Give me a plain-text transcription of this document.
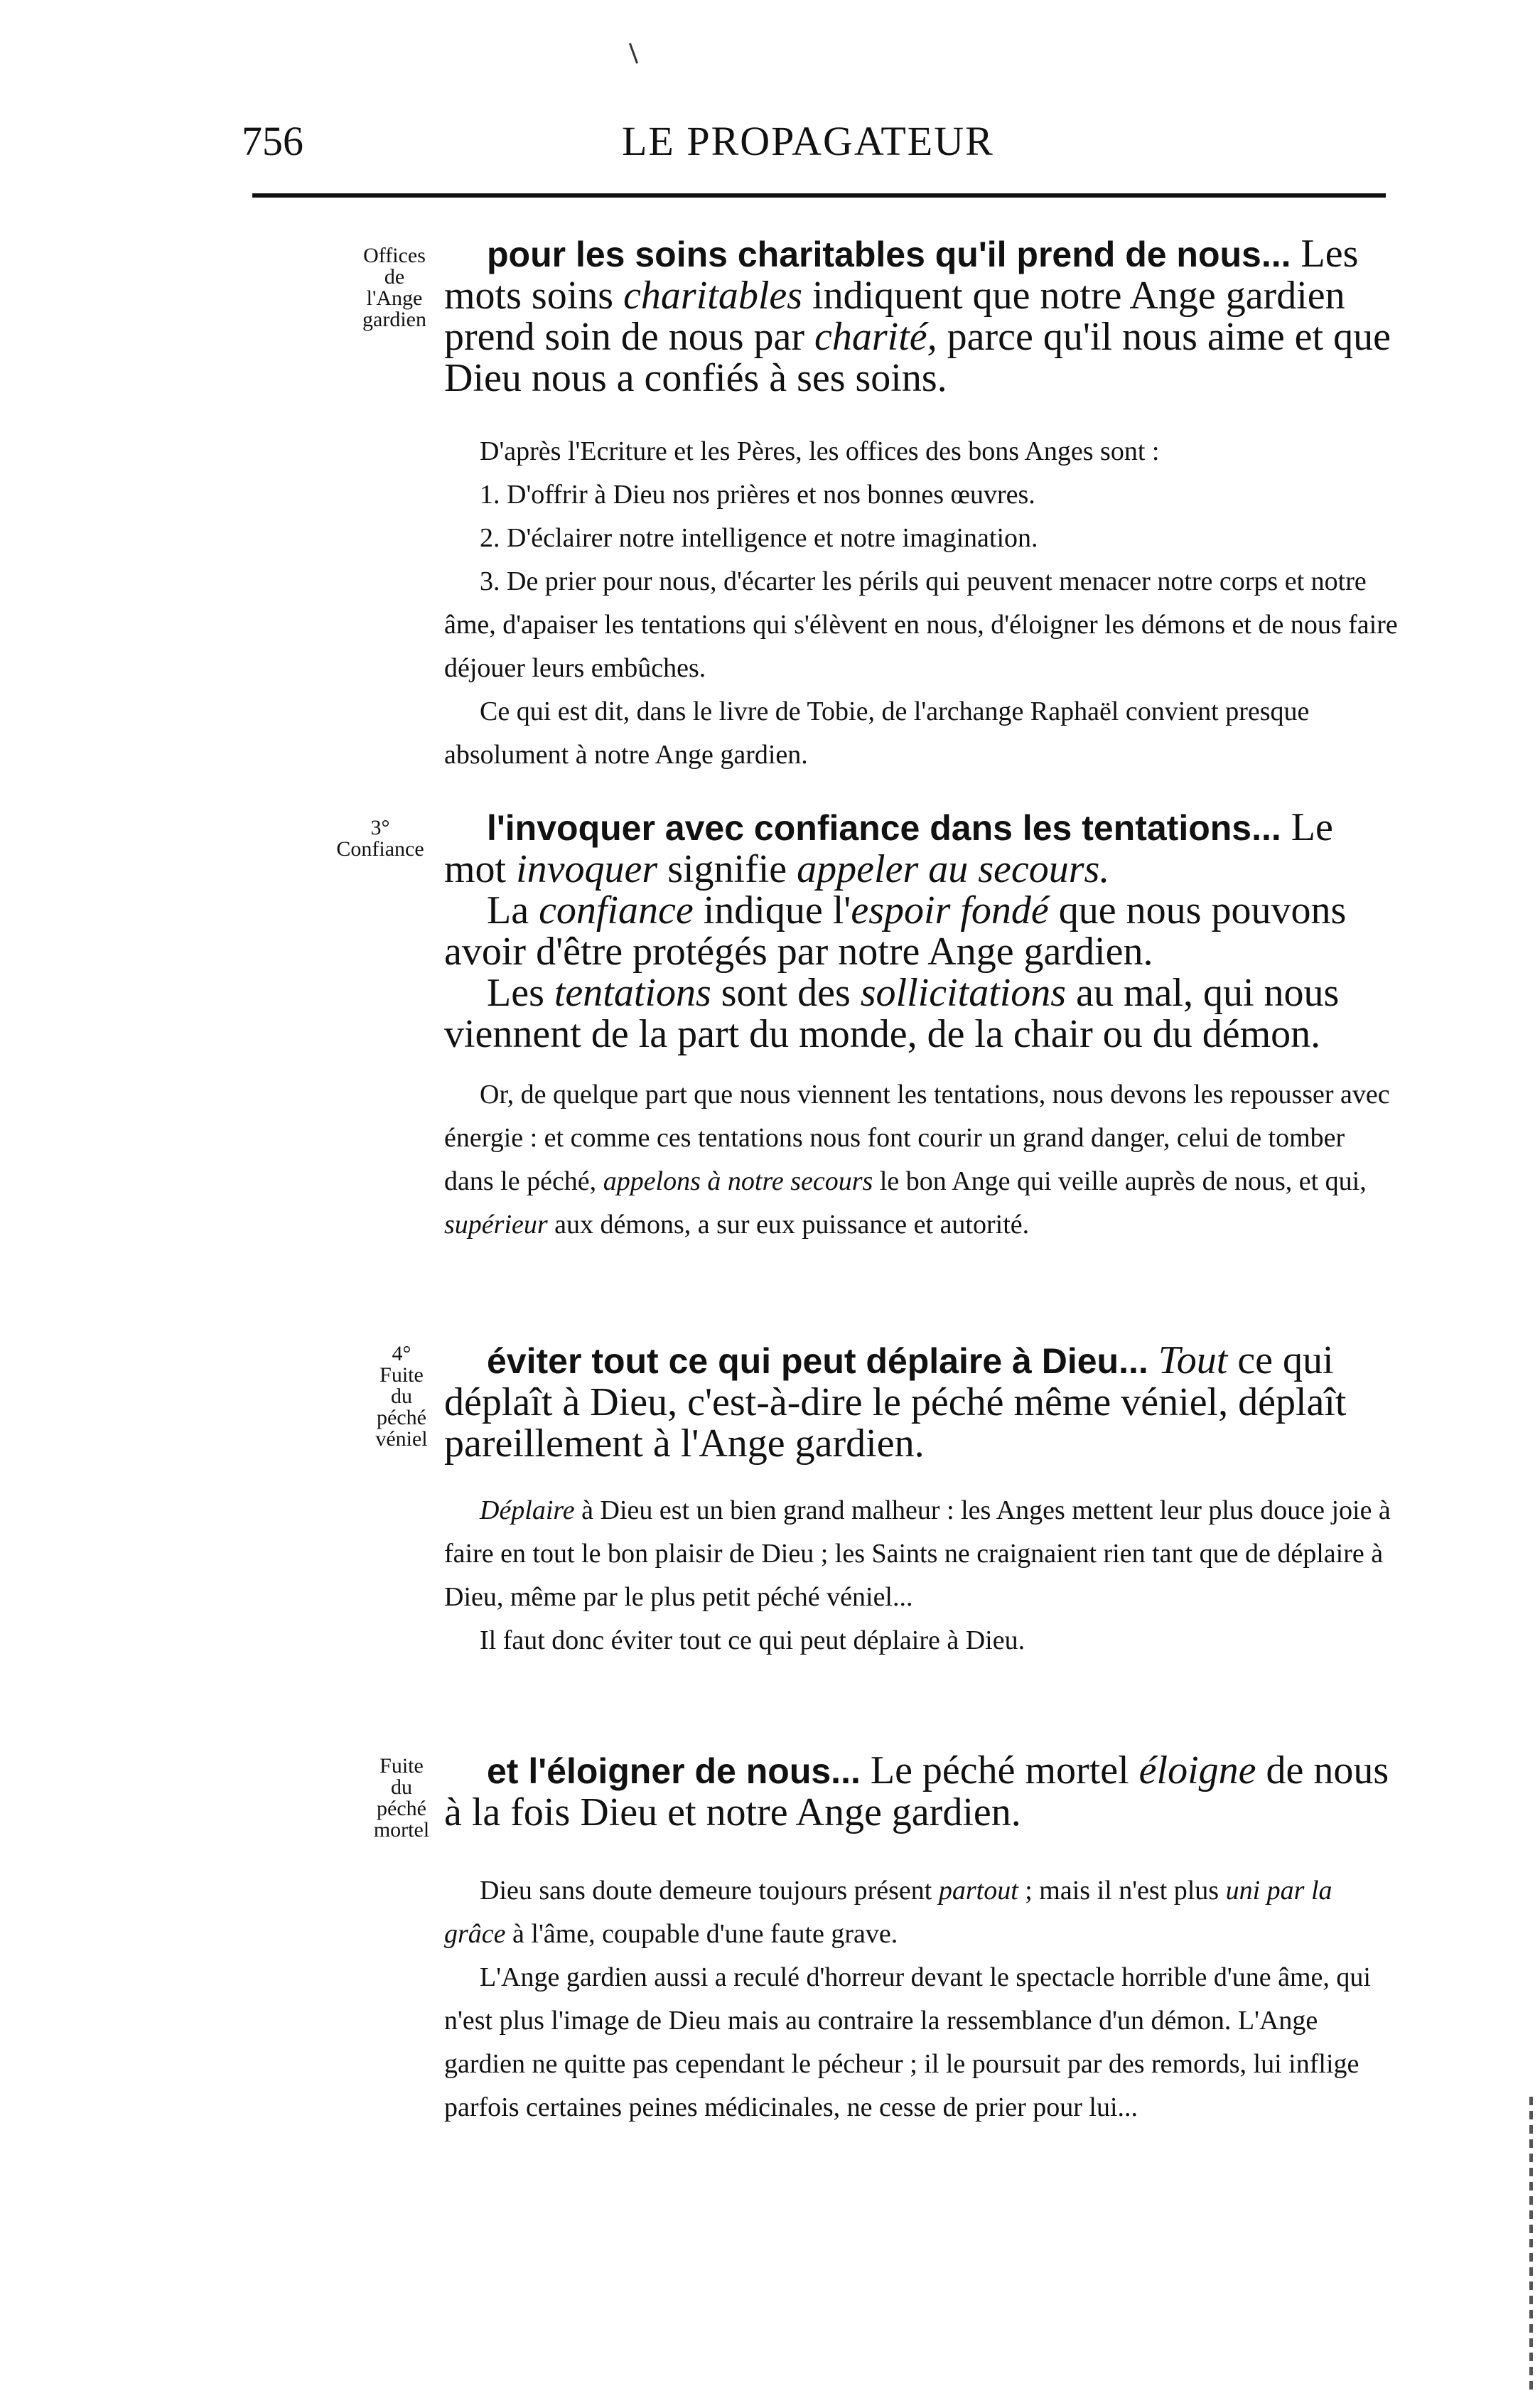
756	LE PROPAGATEUR
Offices
de
l'Ange
gardien

pour les soins charitables qu'il prend de nous... Les mots soins charitables indiquent que notre Ange gardien prend soin de nous par charité, parce qu'il nous aime et que Dieu nous a confiés à ses soins.

D'après l'Ecriture et les Pères, les offices des bons Anges sont :

1. D'offrir à Dieu nos prières et nos bonnes œuvres.

2. D'éclairer notre intelligence et notre imagination.

3. De prier pour nous, d'écarter les périls qui peuvent menacer notre corps et notre âme, d'apaiser les tentations qui s'élèvent en nous, d'éloigner les démons et de nous faire déjouer leurs embûches.

Ce qui est dit, dans le livre de Tobie, de l'archange Raphaël convient presque absolument à notre Ange gardien.

3°
Confiance

l'invoquer avec confiance dans les tentations... Le mot invoquer signifie appeler au secours.

La confiance indique l'espoir fondé que nous pouvons avoir d'être protégés par notre Ange gardien.

Les tentations sont des sollicitations au mal, qui nous viennent de la part du monde, de la chair ou du démon.

Or, de quelque part que nous viennent les tentations, nous devons les repousser avec énergie : et comme ces tentations nous font courir un grand danger, celui de tomber dans le péché, appelons à notre secours le bon Ange qui veille auprès de nous, et qui, supérieur aux démons, a sur eux puissance et autorité.

4°
Fuite
du
péché
véniel

éviter tout ce qui peut déplaire à Dieu... Tout ce qui déplaît à Dieu, c'est-à-dire le péché même véniel, déplaît pareillement à l'Ange gardien.

Déplaire à Dieu est un bien grand malheur : les Anges mettent leur plus douce joie à faire en tout le bon plaisir de Dieu ; les Saints ne craignaient rien tant que de déplaire à Dieu, même par le plus petit péché véniel...

Il faut donc éviter tout ce qui peut déplaire à Dieu.

Fuite
du
péché
mortel

et l'éloigner de nous... Le péché mortel éloigne de nous à la fois Dieu et notre Ange gardien.

Dieu sans doute demeure toujours présent partout ; mais il n'est plus uni par la grâce à l'âme, coupable d'une faute grave.

L'Ange gardien aussi a reculé d'horreur devant le spectacle horrible d'une âme, qui n'est plus l'image de Dieu mais au contraire la ressemblance d'un démon. L'Ange gardien ne quitte pas cependant le pécheur ; il le poursuit par des remords, lui inflige parfois certaines peines médicinales, ne cesse de prier pour lui...
